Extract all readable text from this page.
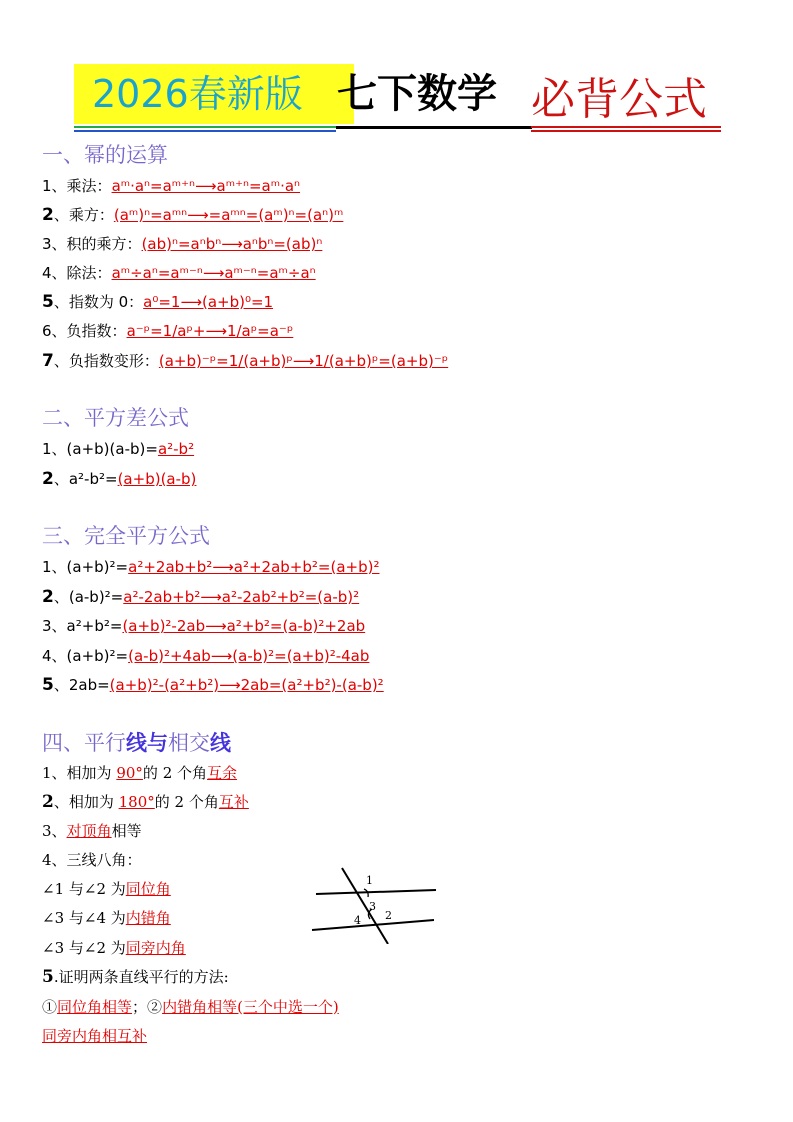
2026春新版 七下数学 必背公式
一、幂的运算
1、乘法：aᵐ·aⁿ=aᵐ⁺ⁿ⟶aᵐ⁺ⁿ=aᵐ·aⁿ
2、乘方：(aᵐ)ⁿ=aᵐⁿ⟶=aᵐⁿ=(aᵐ)ⁿ=(aⁿ)ᵐ
3、积的乘方：(ab)ⁿ=aⁿbⁿ⟶aⁿbⁿ=(ab)ⁿ
4、除法：aᵐ÷aⁿ=aᵐ⁻ⁿ⟶aᵐ⁻ⁿ=aᵐ÷aⁿ
5、指数为 0：a⁰=1⟶(a+b)⁰=1
6、负指数：a⁻ᵖ=1/aᵖ+⟶1/aᵖ=a⁻ᵖ
7、负指数变形：(a+b)⁻ᵖ=1/(a+b)ᵖ⟶1/(a+b)ᵖ=(a+b)⁻ᵖ
二、平方差公式
1、(a+b)(a-b)=a²-b²
2、a²-b²=(a+b)(a-b)
三、完全平方公式
1、(a+b)²=a²+2ab+b²⟶a²+2ab+b²=(a+b)²
2、(a-b)²=a²-2ab+b²⟶a²-2ab²+b²=(a-b)²
3、a²+b²=(a+b)²-2ab⟶a²+b²=(a-b)²+2ab
4、(a+b)²=(a-b)²+4ab⟶(a-b)²=(a+b)²-4ab
5、2ab=(a+b)²-(a²+b²)⟶2ab=(a²+b²)-(a-b)²
四、平行线与相交线
1、相加为 90°的 2 个角互余
2、相加为 180°的 2 个角互补
3、对顶角相等
4、三线八角：
∠1 与∠2 为同位角
∠3 与∠4 为内错角
∠3 与∠2 为同旁内角
5.证明两条直线平行的方法:
①同位角相等；②内错角相等(三个中选一个)
同旁内角相互补
1
3
4 2
